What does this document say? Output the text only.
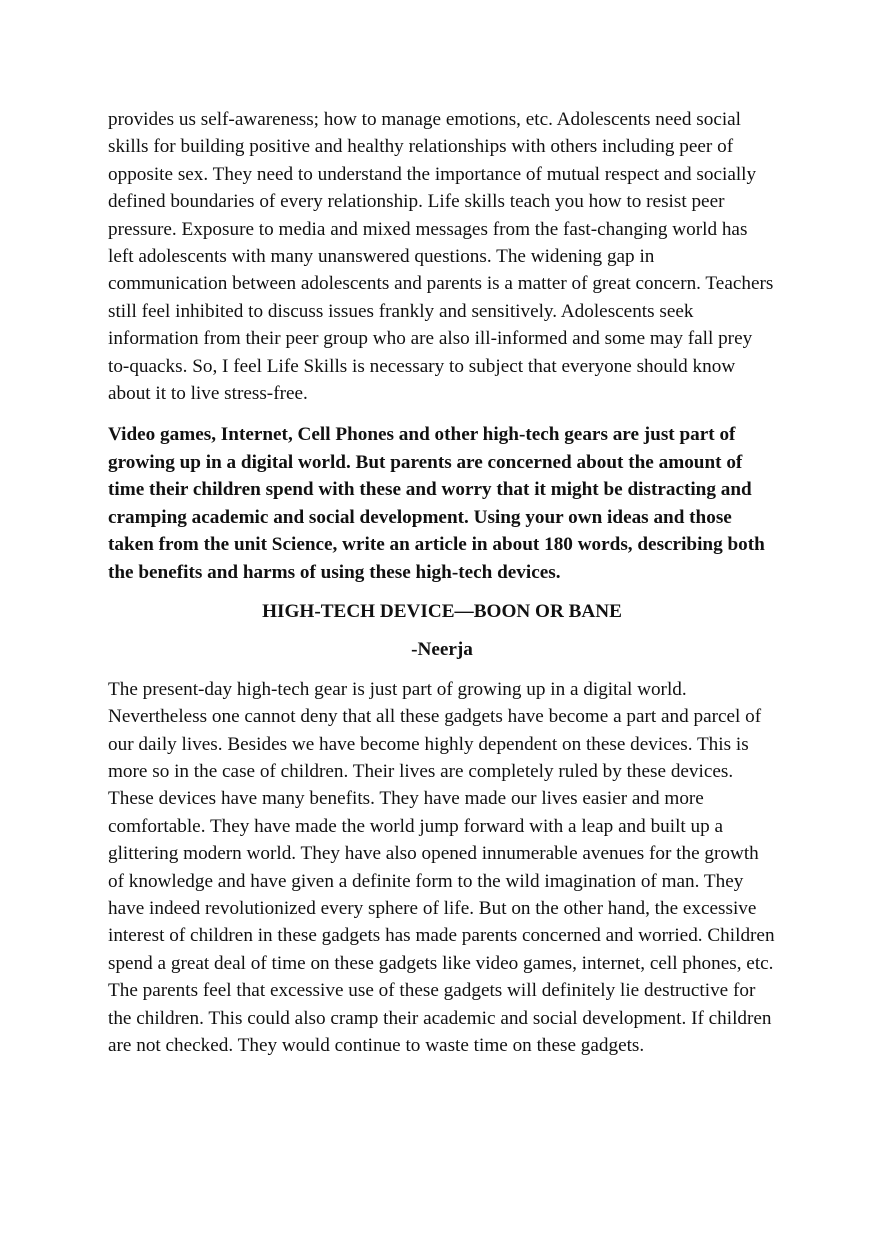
provides us self-awareness; how to manage emotions, etc. Adolescents need social skills for building positive and healthy relationships with others including peer of opposite sex. They need to understand the importance of mutual respect and socially defined boundaries of every relationship. Life skills teach you how to resist peer pressure. Exposure to media and mixed messages from the fast-changing world has left adolescents with many unanswered questions. The widening gap in communication between adolescents and parents is a matter of great concern. Teachers still feel inhibited to discuss issues frankly and sensitively. Adolescents seek information from their peer group who are also ill-informed and some may fall prey to-quacks. So, I feel Life Skills is necessary to subject that everyone should know about it to live stress-free.

Video games, Internet, Cell Phones and other high-tech gears are just part of growing up in a digital world. But parents are concerned about the amount of time their children spend with these and worry that it might be distracting and cramping academic and social development. Using your own ideas and those taken from the unit Science, write an article in about 180 words, describing both the benefits and harms of using these high-tech devices.

HIGH-TECH DEVICE—BOON OR BANE

-Neerja

The present-day high-tech gear is just part of growing up in a digital world. Nevertheless one cannot deny that all these gadgets have become a part and parcel of our daily lives. Besides we have become highly dependent on these devices. This is more so in the case of children. Their lives are completely ruled by these devices. These devices have many benefits. They have made our lives easier and more comfortable. They have made the world jump forward with a leap and built up a glittering modern world. They have also opened innumerable avenues for the growth of knowledge and have given a definite form to the wild imagination of man. They have indeed revolutionized every sphere of life. But on the other hand, the excessive interest of children in these gadgets has made parents concerned and worried. Children spend a great deal of time on these gadgets like video games, internet, cell phones, etc. The parents feel that excessive use of these gadgets will definitely lie destructive for the children. This could also cramp their academic and social development. If children are not checked. They would continue to waste time on these gadgets.
